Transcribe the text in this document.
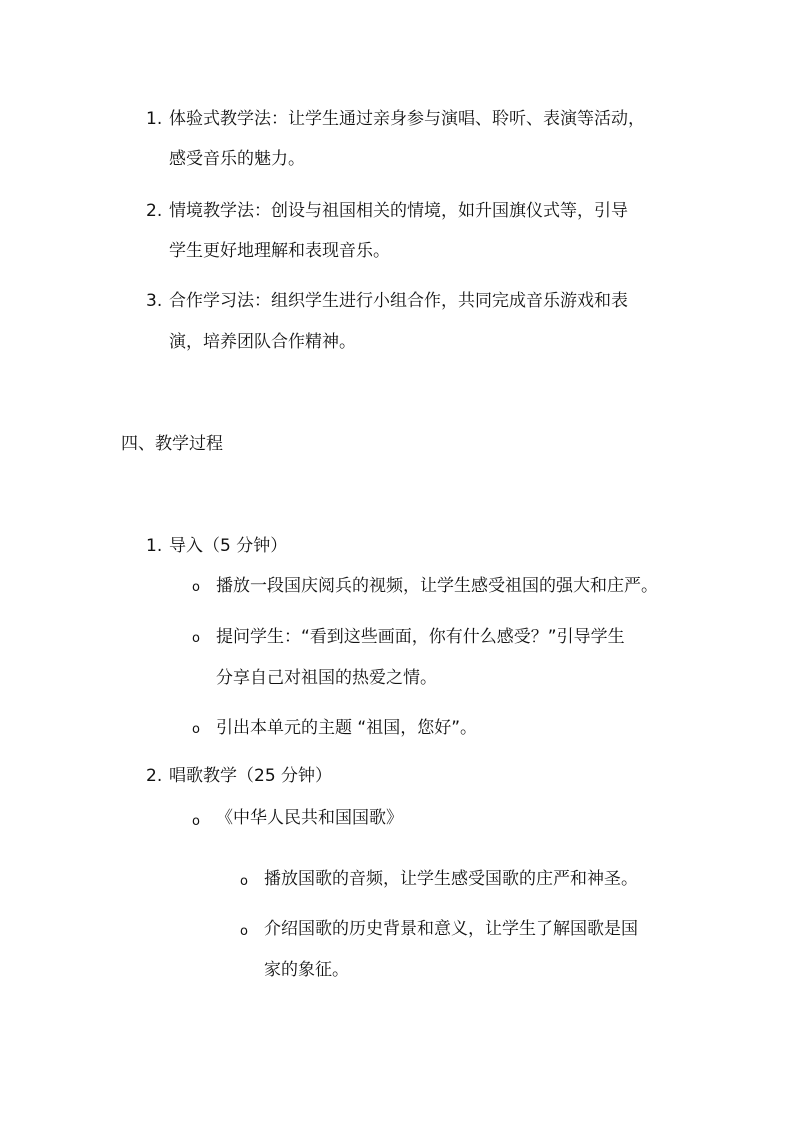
1. 体验式教学法：让学生通过亲身参与演唱、聆听、表演等活动，
感受音乐的魅力。
2. 情境教学法：创设与祖国相关的情境，如升国旗仪式等，引导
学生更好地理解和表现音乐。
3. 合作学习法：组织学生进行小组合作，共同完成音乐游戏和表
演，培养团队合作精神。
四、教学过程
1. 导入（5 分钟）
o 播放一段国庆阅兵的视频，让学生感受祖国的强大和庄严。
o 提问学生：“看到这些画面，你有什么感受？”引导学生
分享自己对祖国的热爱之情。
o 引出本单元的主题 “祖国，您好”。
2. 唱歌教学（25 分钟）
o 《中华人民共和国国歌》
o 播放国歌的音频，让学生感受国歌的庄严和神圣。
o 介绍国歌的历史背景和意义，让学生了解国歌是国
家的象征。
